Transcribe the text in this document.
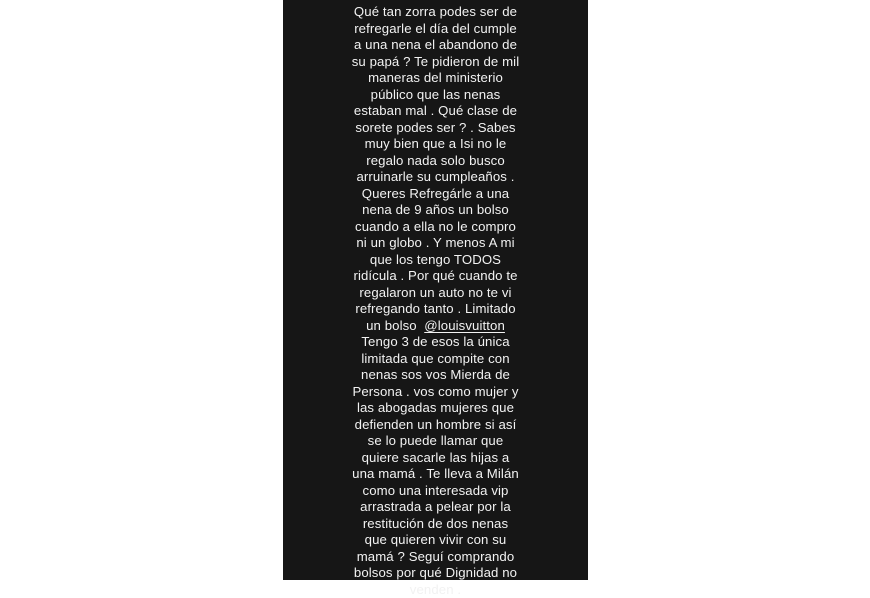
Qué tan zorra podes ser de
refregarle el día del cumple
a una nena el abandono de
su papá ? Te pidieron de mil
maneras del ministerio
público que las nenas
estaban mal . Qué clase de
sorete podes ser ? . Sabes
muy bien que a Isi no le
regalo nada solo busco
arruinarle su cumpleaños .
Queres Refregárle a una
nena de 9 años un bolso
cuando a ella no le compro
ni un globo . Y menos A mi
que los tengo TODOS
ridícula . Por qué cuando te
regalaron un auto no te vi
refregando tanto . Limitado
un bolso  @louisvuitton
Tengo 3 de esos la única
limitada que compite con
nenas sos vos Mierda de
Persona . vos como mujer y
las abogadas mujeres que
defienden un hombre si así
se lo puede llamar que
quiere sacarle las hijas a
una mamá . Te lleva a Milán
como una interesada vip
arrastrada a pelear por la
restitución de dos nenas
que quieren vivir con su
mamá ? Seguí comprando
bolsos por qué Dignidad no
venden .
